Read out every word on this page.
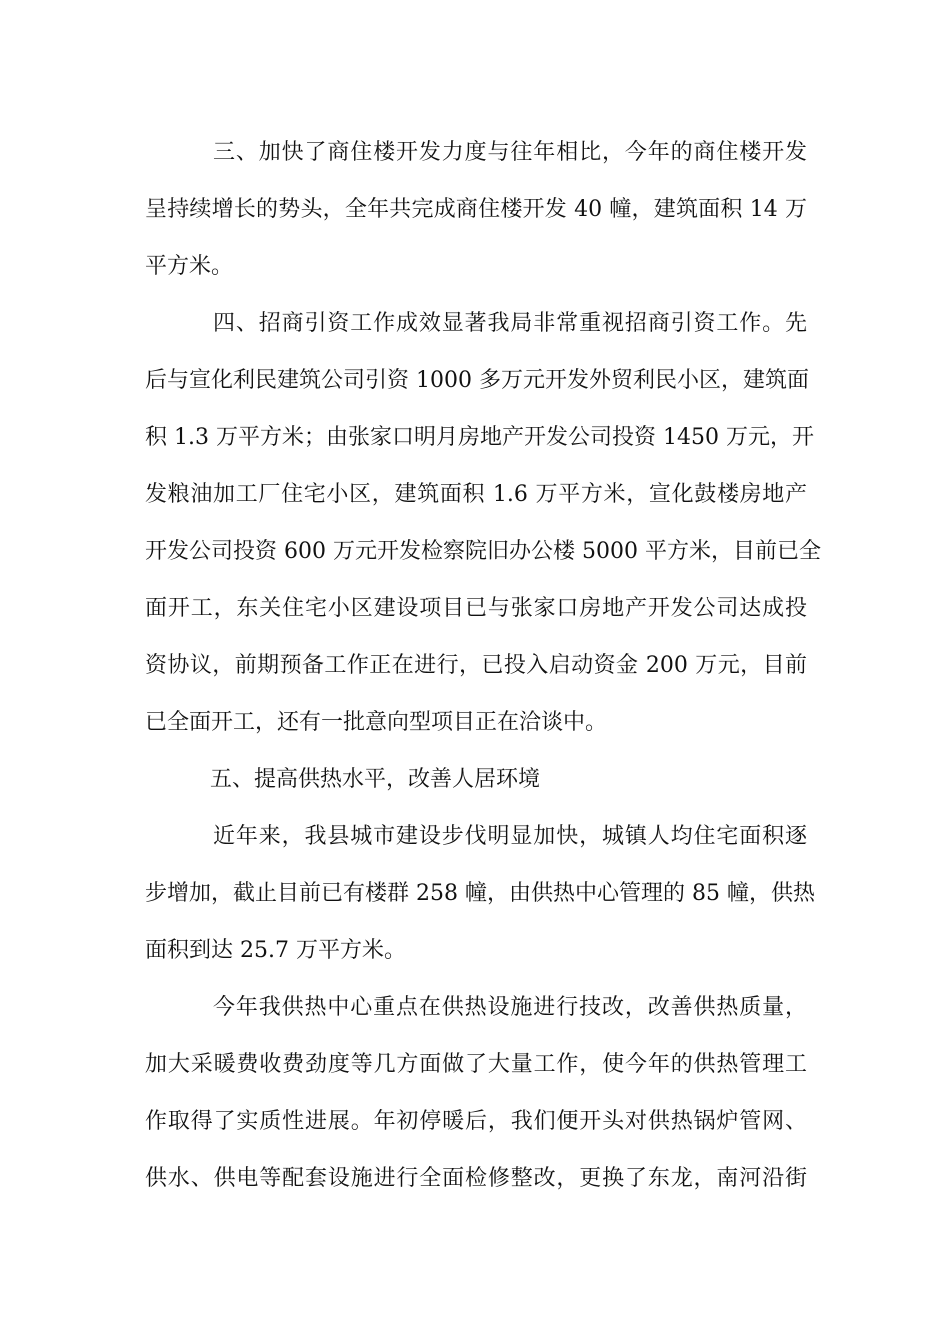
三、加快了商住楼开发力度与往年相比，今年的商住楼开发
呈持续增长的势头，全年共完成商住楼开发 40 幢，建筑面积 14 万
平方米。
四、招商引资工作成效显著我局非常重视招商引资工作。先
后与宣化利民建筑公司引资 1000 多万元开发外贸利民小区，建筑面
积 1.3 万平方米；由张家口明月房地产开发公司投资 1450 万元，开
发粮油加工厂住宅小区，建筑面积 1.6 万平方米，宣化鼓楼房地产
开发公司投资 600 万元开发检察院旧办公楼 5000 平方米，目前已全
面开工，东关住宅小区建设项目已与张家口房地产开发公司达成投
资协议，前期预备工作正在进行，已投入启动资金 200 万元，目前
已全面开工，还有一批意向型项目正在洽谈中。
五、提高供热水平，改善人居环境
近年来，我县城市建设步伐明显加快，城镇人均住宅面积逐
步增加，截止目前已有楼群 258 幢，由供热中心管理的 85 幢，供热
面积到达 25.7 万平方米。
今年我供热中心重点在供热设施进行技改，改善供热质量，
加大采暖费收费劲度等几方面做了大量工作，使今年的供热管理工
作取得了实质性进展。年初停暖后，我们便开头对供热锅炉管网、
供水、供电等配套设施进行全面检修整改，更换了东龙，南河沿街
